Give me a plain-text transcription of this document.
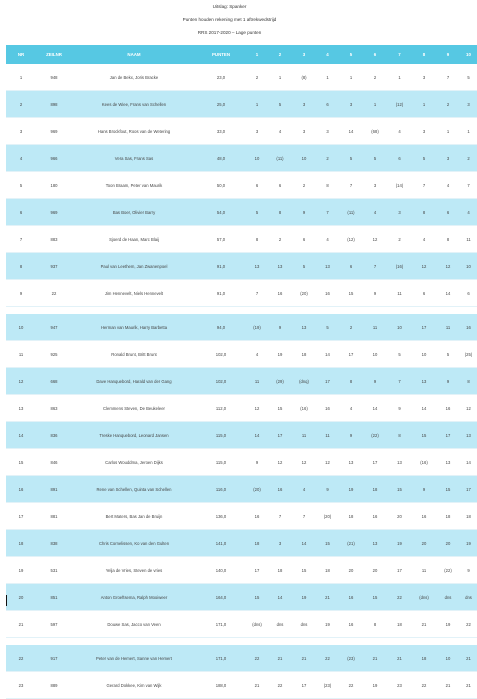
Uitslag: Spanker
Punten houden rekening met 1 aftrekwedstrijd
RRS 2017-2020 – Lage punten
NR	ZEILNR	NAAM	PUNTEN	1	2	3	4	5	6	7	8	9	10
1	948	Jan de Bekx, Joris Bracke	23,0	2	1	(8)	1	1	2	1	3	7	5
2	898	Kees de Wiee, Frans van Schellen	25,0	1	5	3	6	3	1	(12)	1	2	3
3	969	Hans Brockfout, Roos van de Wetering	33,0	3	4	3	3	14	(68)	4	3	1	1
4	966	Vera Sas, Frans Sas	48,0	10	(11)	10	2	5	5	6	5	3	2
5	180	Toon Braam, Peter van Maurik	50,0	6	6	2	8	7	3	(14)	7	4	7
6	969	Bas Boer, Olivier Barry	54,0	5	8	9	7	(11)	4	3	8	6	4
7	883	Sjoerd de Haan, Marc Blaij	57,0	8	2	6	4	(12)	12	2	4	8	11
8	937	Paul van Leethem, Jan Zwanenpoel	91,0	13	13	5	13	6	7	(16)	12	12	10
9	22	Jim Hennevelt, Niels Hennevelt	91,0	7	16	(20)	16	15	9	11	6	14	6

10	947	Herman van Maurik, Harry Barbetta	94,0	(19)	9	13	5	2	11	10	17	11	16
11	925	Ronald Brunt, Britt Brunt	102,0	4	19	18	14	17	10	5	10	5	(25)
12	668	Dave Hanquebord, Harald van der Gang	102,0	11	(29)	(dnq)	17	8	9	7	13	9	8
13	863	Clemmens Steven, De Beukeleer	112,0	12	15	(16)	16	4	14	9	14	16	12
14	836	Treske Hanquebord, Leonard Jansen	115,0	14	17	11	11	9	(22)	8	15	17	13
15	846	Carlos Wouddma, Jeroen Dijks	115,0	9	12	12	12	13	17	13	(16)	13	14
16	891	Rene van Schellen, Quinta van Schellen	116,0	(20)	16	4	9	19	18	15	9	15	17
17	881	Bert Maters, Bas Jan de Bruijn	136,0	16	7	7	(20)	18	16	20	16	18	18
18	838	Chris Cornelissen, Ko van den Gulten	141,0	18	3	14	15	(21)	13	19	20	20	19
19	531	Yelja de Vries, Steven de vries	140,0	17	18	15	18	20	20	17	11	(22)	9
20	851	Anton Groeftsema, Ralph Mooiweer	164,0	15	14	19	21	16	15	22	(dns)	dns	dns
21	597	Douwe Sas, Jacco van Veen	171,0	(dns)	dns	dns	19	16	8	18	21	19	22

22	917	Peter van de Hemert, Sanne van Hemert	171,0	22	21	21	22	(23)	21	21	18	10	21
23	889	Gerard Dokkee, Kim van Wijk	188,0	21	22	17	(23)	22	19	23	22	21	21
